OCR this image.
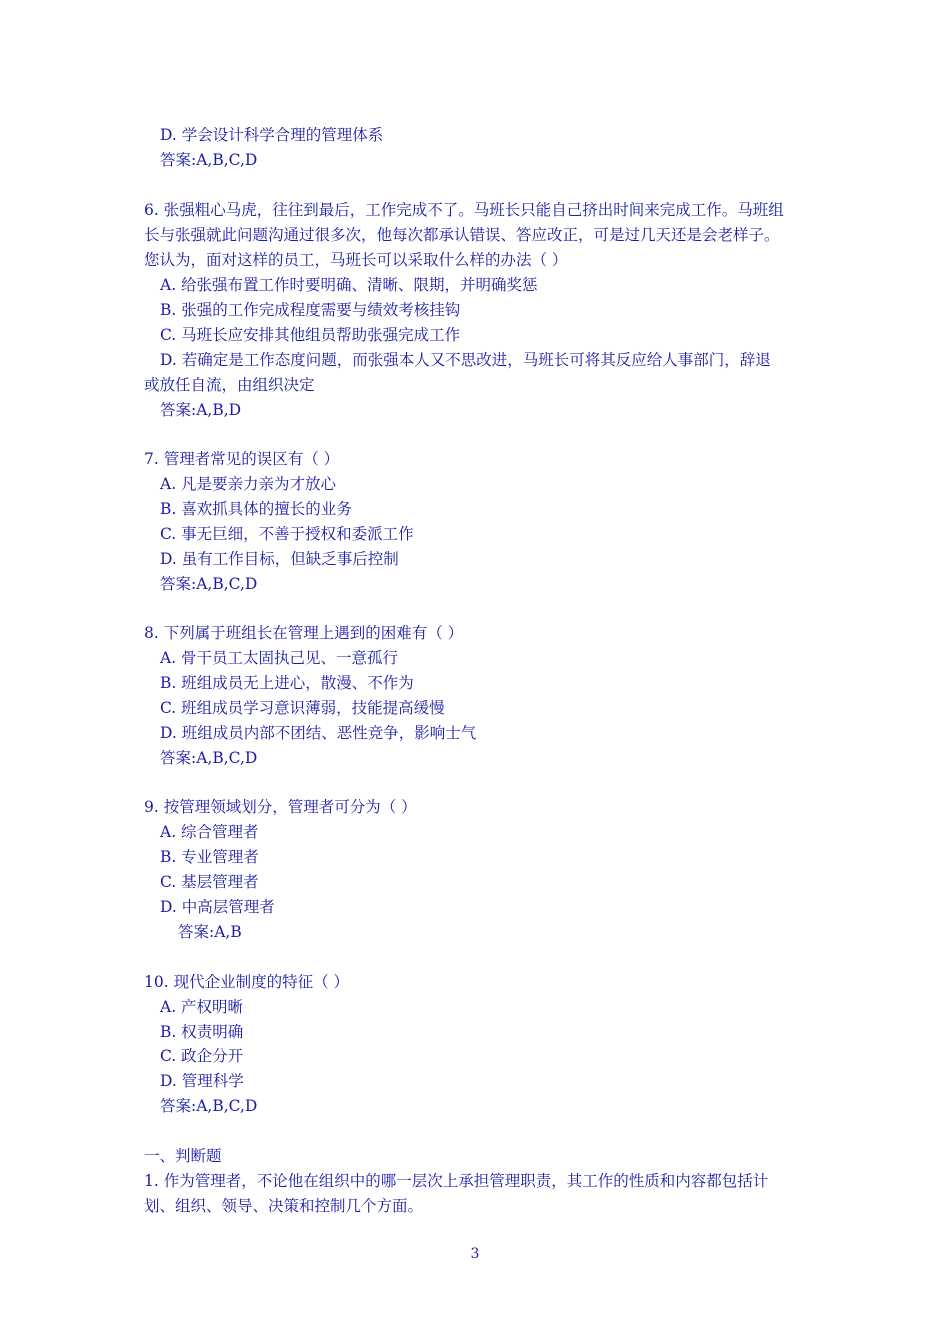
D. 学会设计科学合理的管理体系
答案:A,B,C,D
6. 张强粗心马虎，往往到最后，工作完成不了。马班长只能自己挤出时间来完成工作。马班组
长与张强就此问题沟通过很多次，他每次都承认错误、答应改正，可是过几天还是会老样子。
您认为，面对这样的员工，马班长可以采取什么样的办法（ ）
A. 给张强布置工作时要明确、清晰、限期，并明确奖惩
B. 张强的工作完成程度需要与绩效考核挂钩
C. 马班长应安排其他组员帮助张强完成工作
D. 若确定是工作态度问题，而张强本人又不思改进，马班长可将其反应给人事部门，辞退
或放任自流，由组织决定
答案:A,B,D
7. 管理者常见的误区有（ ）
A. 凡是要亲力亲为才放心
B. 喜欢抓具体的擅长的业务
C. 事无巨细，不善于授权和委派工作
D. 虽有工作目标，但缺乏事后控制
答案:A,B,C,D
8. 下列属于班组长在管理上遇到的困难有（ ）
A. 骨干员工太固执己见、一意孤行
B. 班组成员无上进心，散漫、不作为
C. 班组成员学习意识薄弱，技能提高缓慢
D. 班组成员内部不团结、恶性竞争，影响士气
答案:A,B,C,D
9. 按管理领域划分，管理者可分为（ ）
A. 综合管理者
B. 专业管理者
C. 基层管理者
D. 中高层管理者
答案:A,B
10. 现代企业制度的特征（ ）
A. 产权明晰
B. 权责明确
C. 政企分开
D. 管理科学
答案:A,B,C,D
一、判断题
1. 作为管理者，不论他在组织中的哪一层次上承担管理职责，其工作的性质和内容都包括计
划、组织、领导、决策和控制几个方面。
3
